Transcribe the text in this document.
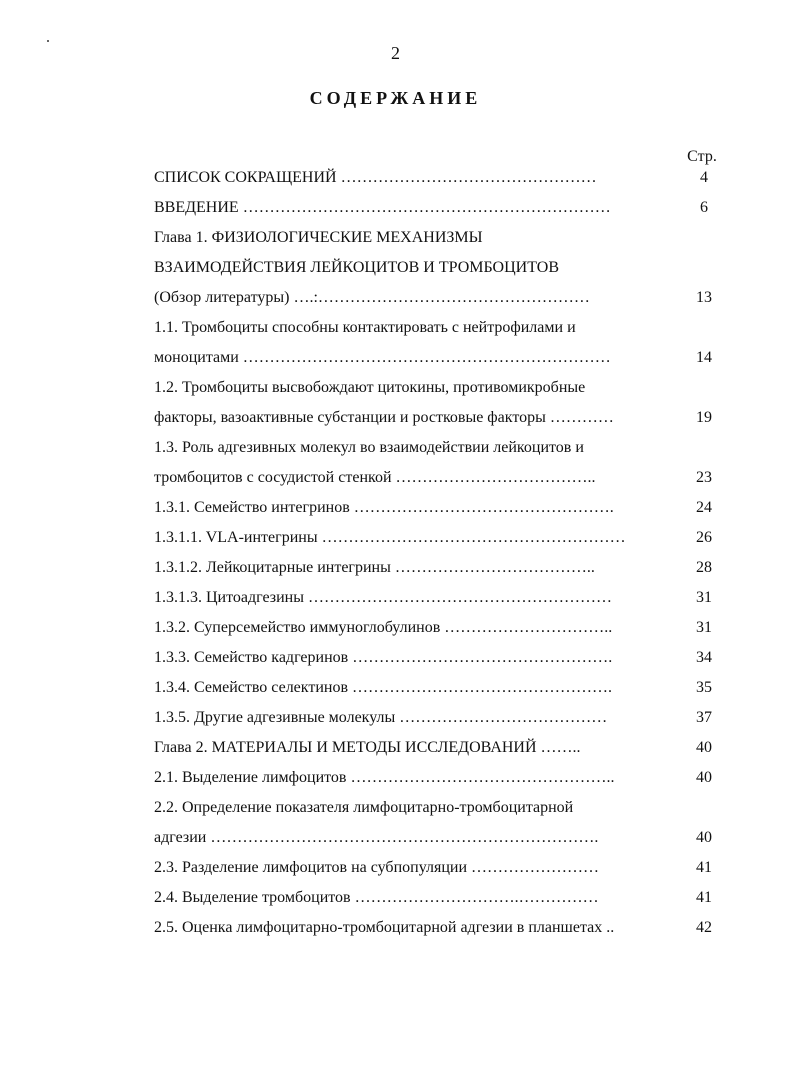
2
СОДЕРЖАНИЕ
Стр.
СПИСОК СОКРАЩЕНИЙ …………………………………………	4
ВВЕДЕНИЕ ……………………………………………………………	6
Глава 1. ФИЗИОЛОГИЧЕСКИЕ МЕХАНИЗМЫ
ВЗАИМОДЕЙСТВИЯ ЛЕЙКОЦИТОВ И ТРОМБОЦИТОВ
(Обзор литературы) ….:……………………………………………	13
1.1. Тромбоциты способны контактировать с нейтрофилами и
моноцитами ……………………………………………………………	14
1.2. Тромбоциты высвобождают цитокины, противомикробные
факторы, вазоактивные субстанции и ростковые факторы …………	19
1.3. Роль адгезивных молекул во взаимодействии лейкоцитов и
тромбоцитов с сосудистой стенкой ………………………………..	23
1.3.1. Семейство интегринов ………………………………………….	24
1.3.1.1. VLA-интегрины …………………………………………………	26
1.3.1.2. Лейкоцитарные интегрины ………………………………..	28
1.3.1.3. Цитоадгезины …………………………………………………	31
1.3.2. Суперсемейство иммуноглобулинов …………………………..	31
1.3.3. Семейство кадгеринов ………………………………………….	34
1.3.4. Семейство селектинов ………………………………………….	35
1.3.5. Другие адгезивные молекулы …………………………………	37
Глава 2. МАТЕРИАЛЫ И МЕТОДЫ ИССЛЕДОВАНИЙ ……..	40
2.1. Выделение лимфоцитов …………………………………………..	40
2.2. Определение показателя лимфоцитарно-тромбоцитарной
адгезии ……………………………………………………………….	40
2.3. Разделение лимфоцитов на субпопуляции ……………………	41
2.4. Выделение тромбоцитов ………………………….……………	41
2.5. Оценка лимфоцитарно-тромбоцитарной адгезии в планшетах ..	42
